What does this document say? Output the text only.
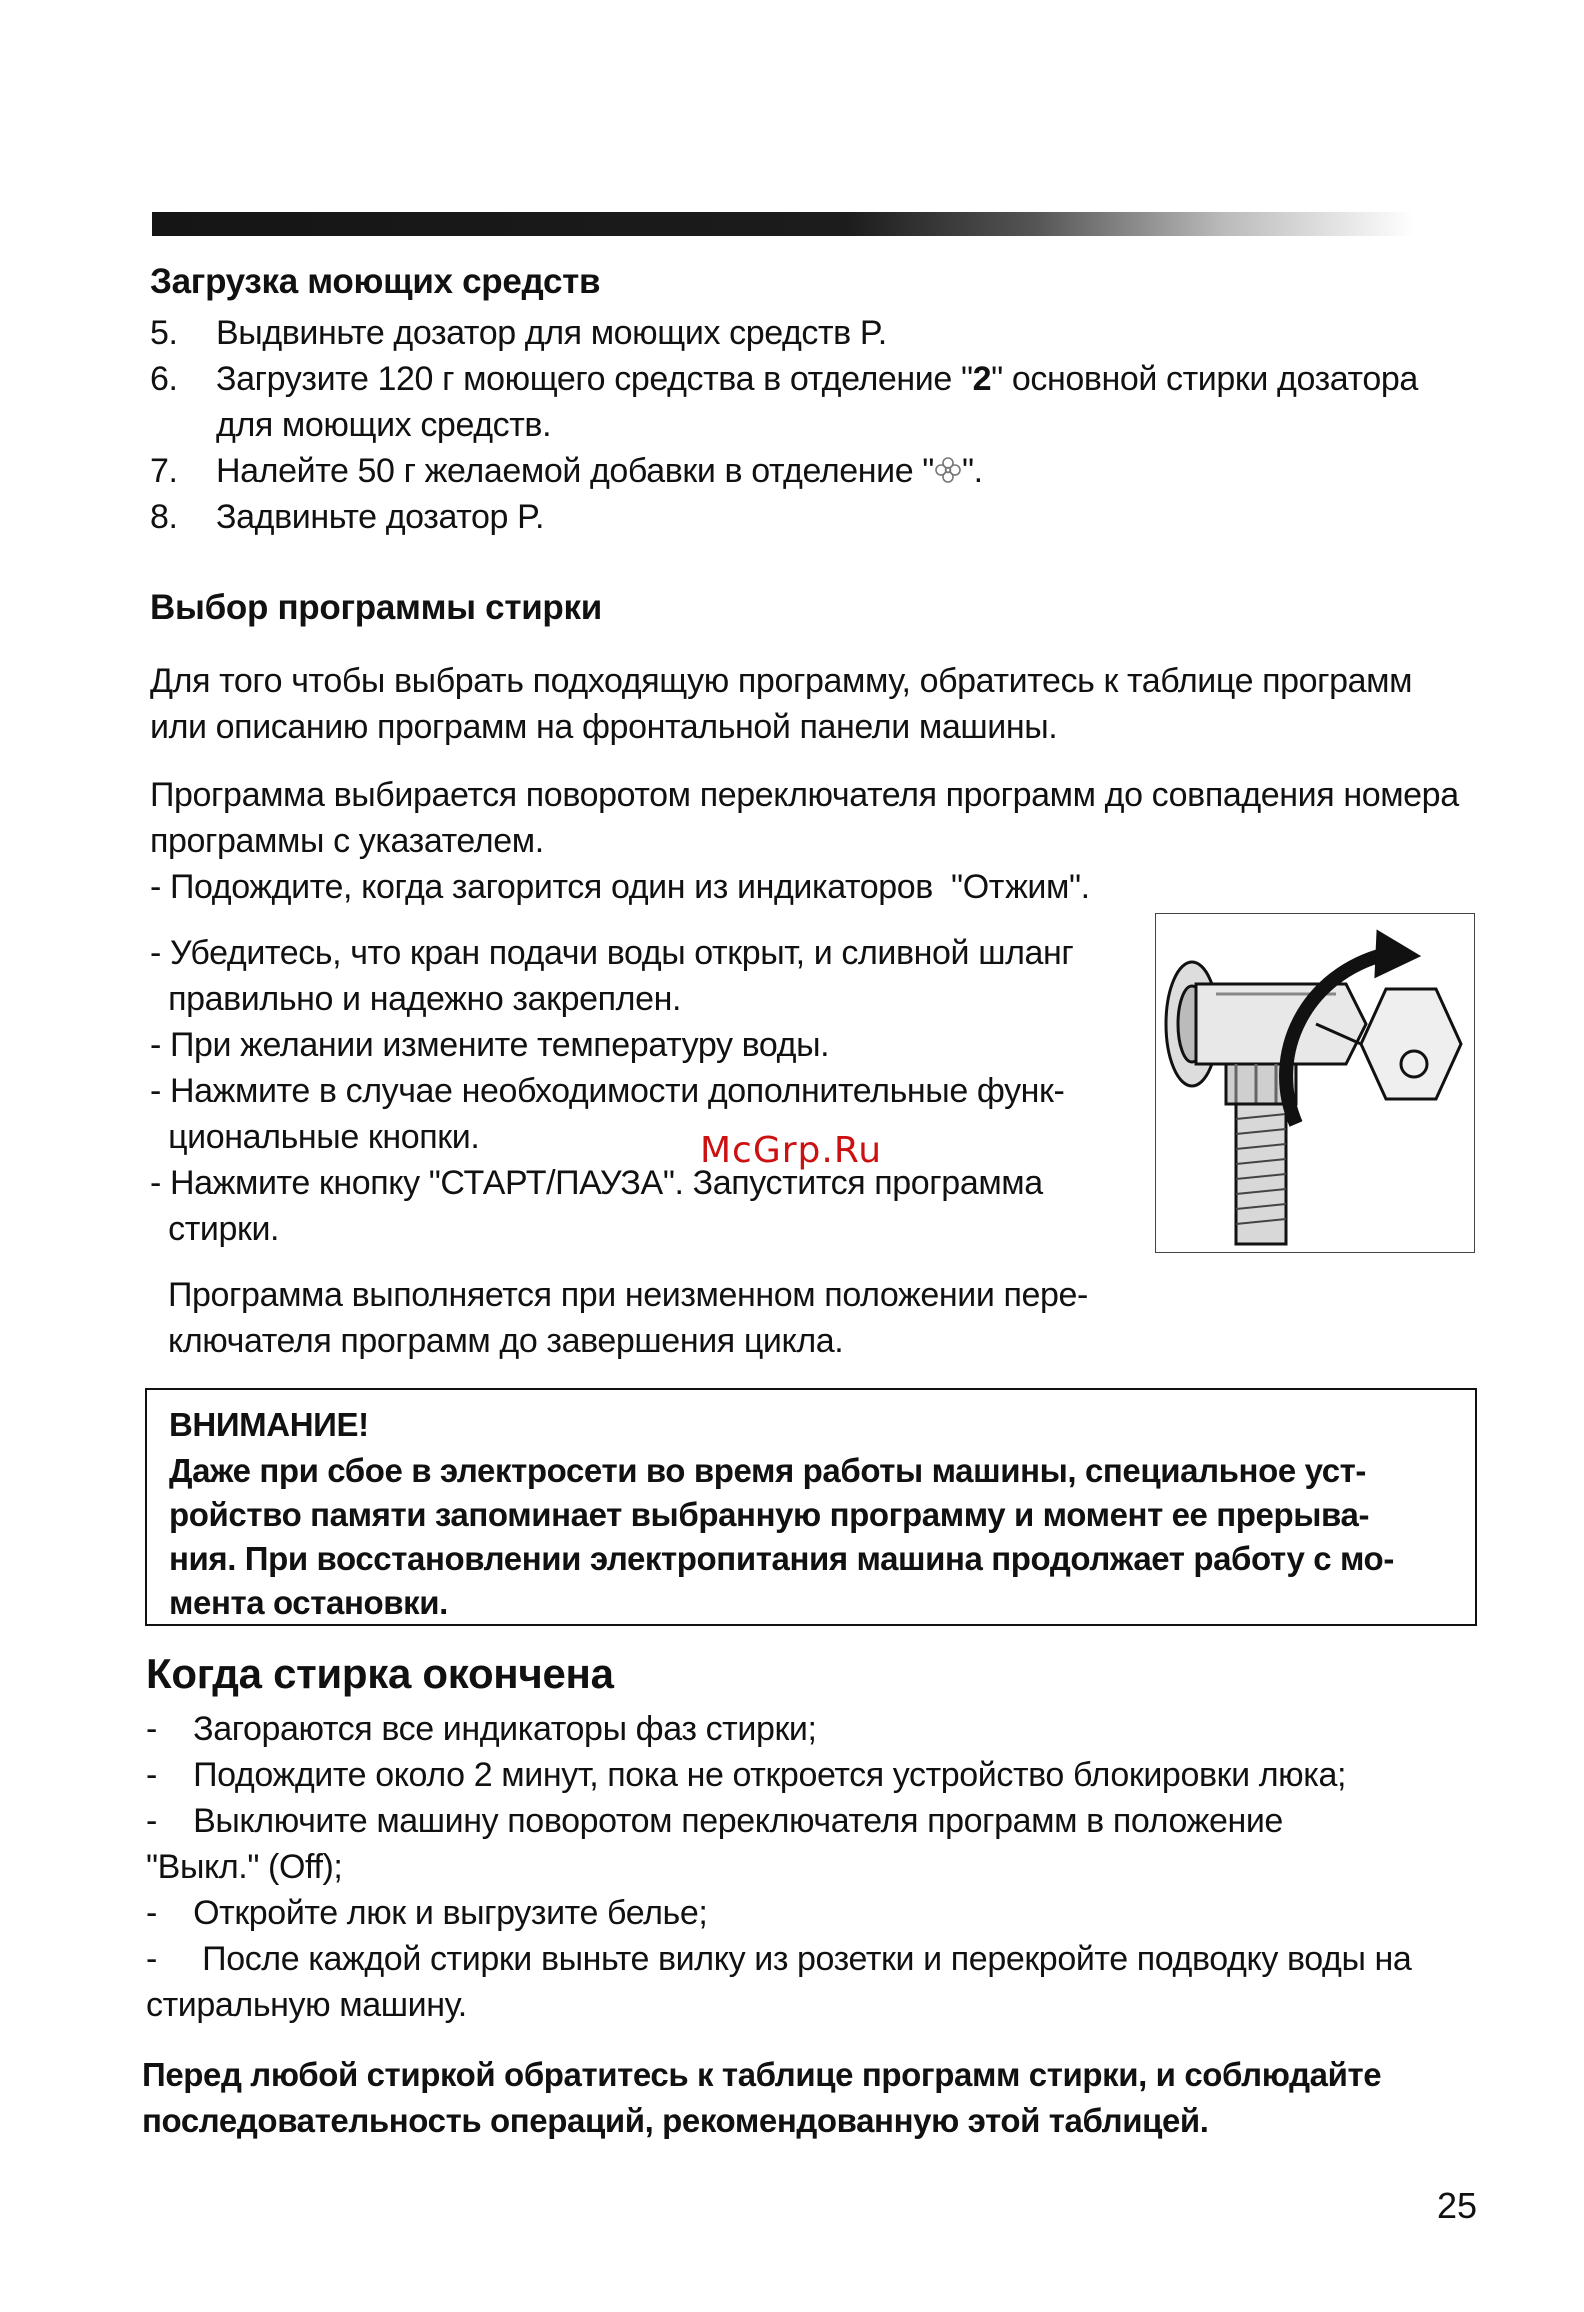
Загрузка моющих средств
5. Выдвиньте дозатор для моющих средств P.
6. Загрузите 120 г моющего средства в отделение "2" основной стирки дозатора
для моющих средств.
7. Налейте 50 г желаемой добавки в отделение " ".
8. Задвиньте дозатор P.
Выбор программы стирки
Для того чтобы выбрать подходящую программу, обратитесь к таблице программ
или описанию программ на фронтальной панели машины.
Программа выбирается поворотом переключателя программ до совпадения номера
программы с указателем.
- Подождите, когда загорится один из индикаторов  "Отжим".
- Убедитесь, что кран подачи воды открыт, и сливной шланг
правильно и надежно закреплен.
- При желании измените температуру воды.
- Нажмите в случае необходимости дополнительные функ-
циональные кнопки.
- Нажмите кнопку "СТАРТ/ПАУЗА". Запустится программа
стирки.
McGrp.Ru
Программа выполняется при неизменном положении пере-
ключателя программ до завершения цикла.
ВНИМАНИЕ!
Даже при сбое в электросети во время работы машины, специальное уст-
ройство памяти запоминает выбранную программу и момент ее прерыва-
ния. При восстановлении электропитания машина продолжает работу с мо-
мента остановки.
Когда стирка окончена
-    Загораются все индикаторы фаз стирки;
-    Подождите около 2 минут, пока не откроется устройство блокировки люка;
-    Выключите машину поворотом переключателя программ в положение
"Выкл." (Off);
-    Откройте люк и выгрузите белье;
-     После каждой стирки выньте вилку из розетки и перекройте подводку воды на
стиральную машину.
Перед любой стиркой обратитесь к таблице программ стирки, и соблюдайте
последовательность операций, рекомендованную этой таблицей.
25
